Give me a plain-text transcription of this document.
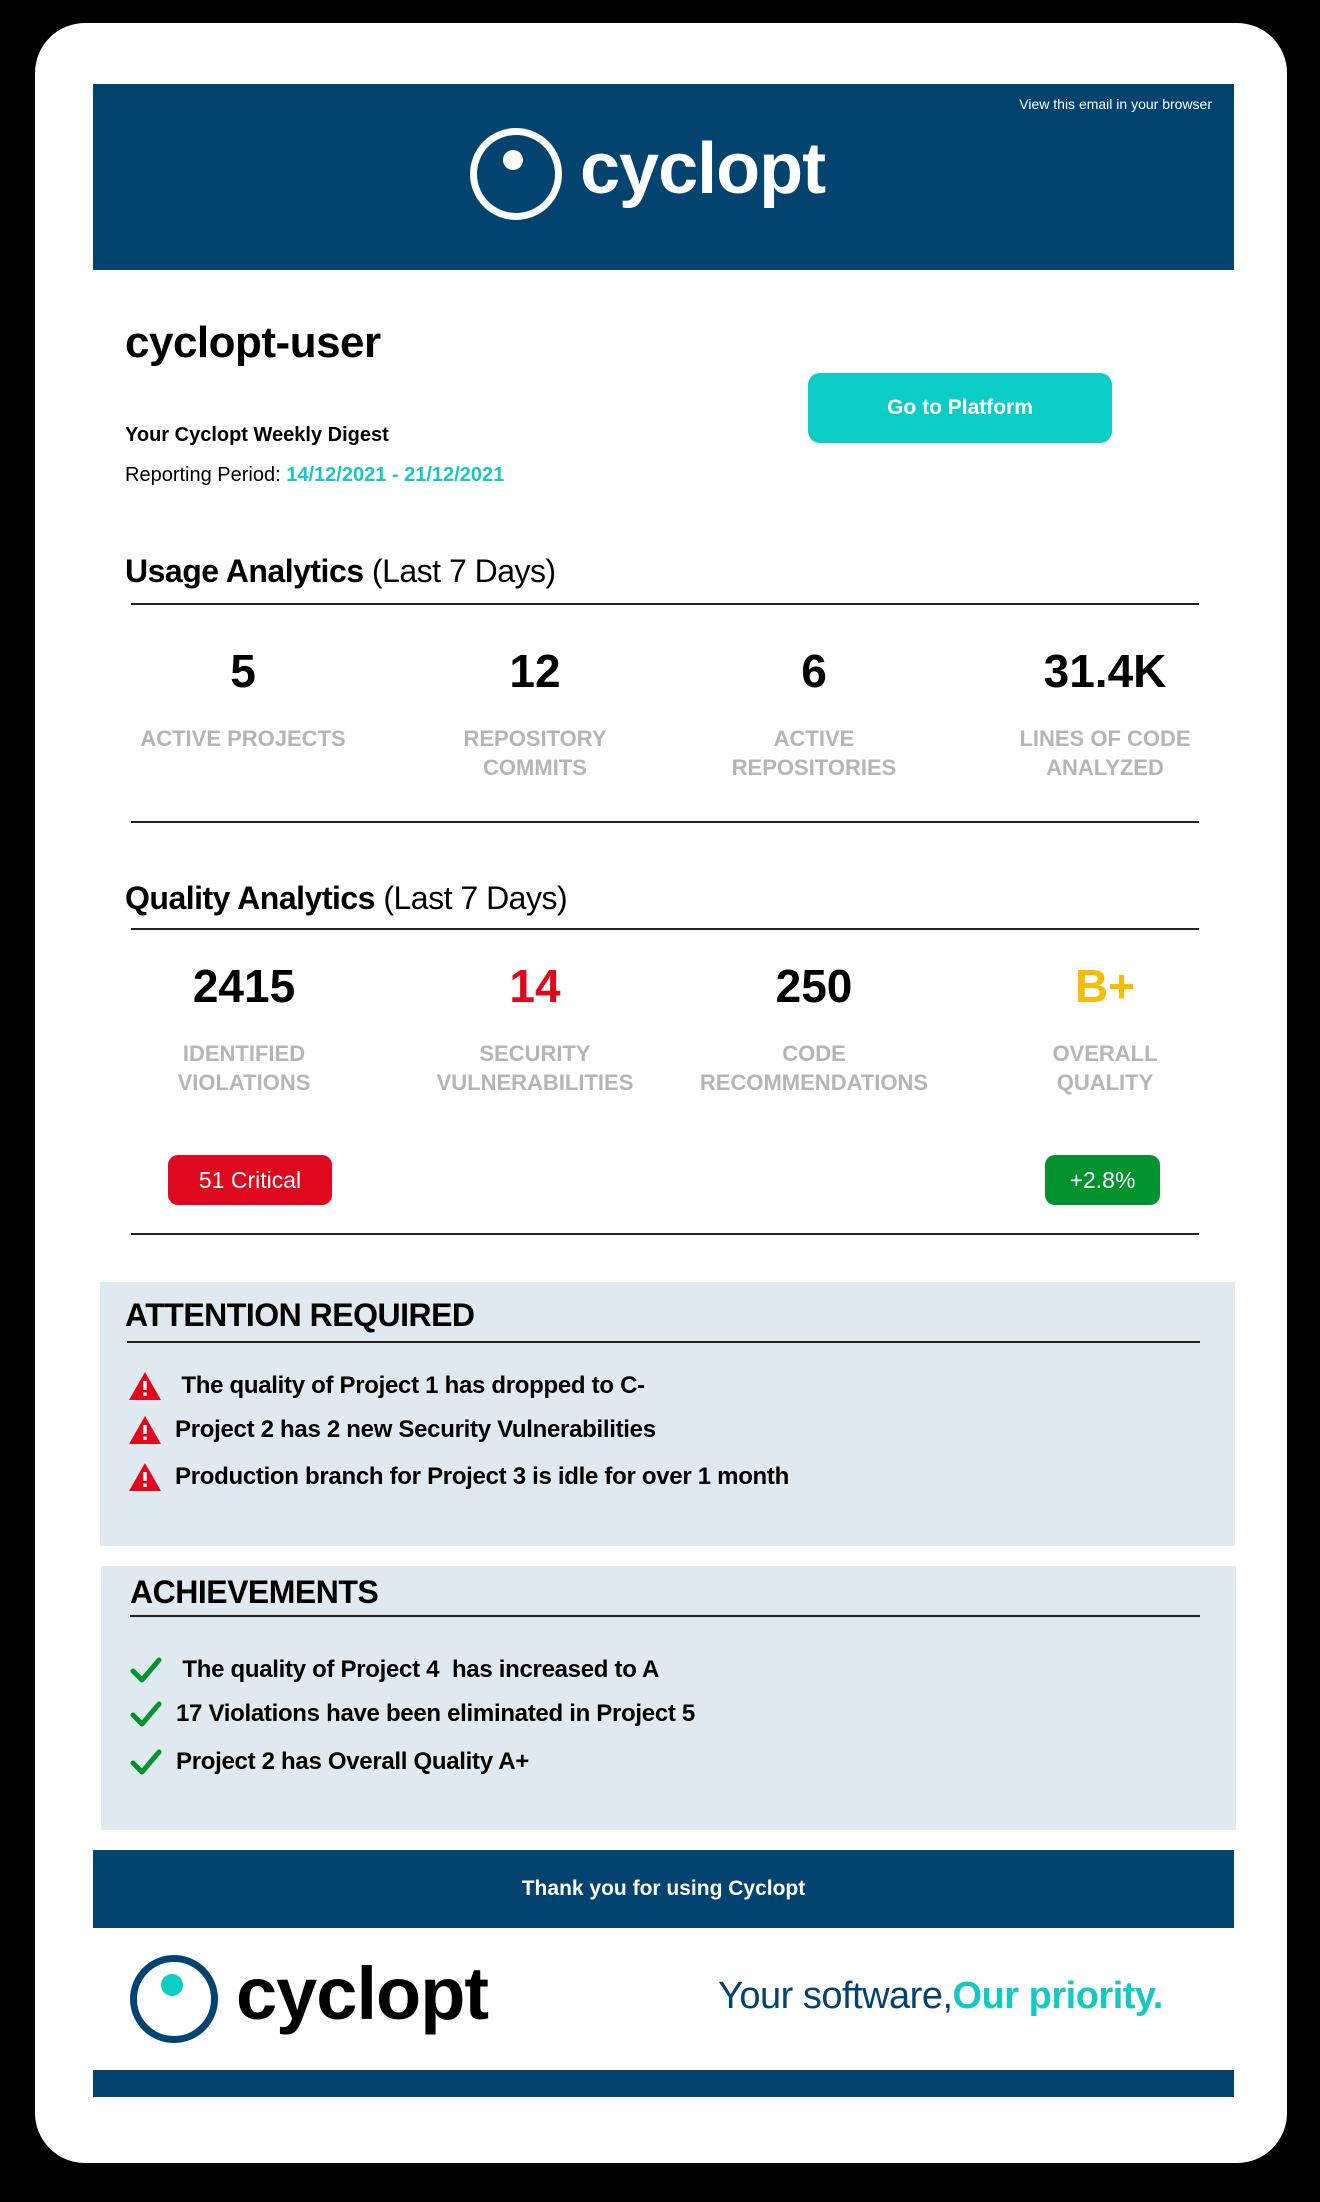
View this email in your browser
cyclopt
cyclopt-user
Your Cyclopt Weekly Digest
Reporting Period: 14/12/2021 - 21/12/2021
Go to Platform
Usage Analytics (Last 7 Days)
5
ACTIVE PROJECTS
12
REPOSITORY COMMITS
6
ACTIVE REPOSITORIES
31.4K
LINES OF CODE ANALYZED
Quality Analytics (Last 7 Days)
2415
IDENTIFIED VIOLATIONS
14
SECURITY VULNERABILITIES
250
CODE RECOMMENDATIONS
B+
OVERALL QUALITY
51 Critical	+2.8%
ATTENTION REQUIRED
The quality of Project 1 has dropped to C-
Project 2 has 2 new Security Vulnerabilities
Production branch for Project 3 is idle for over 1 month
ACHIEVEMENTS
The quality of Project 4  has increased to A
17 Violations have been eliminated in Project 5
Project 2 has Overall Quality A+
Thank you for using Cyclopt
cyclopt	Your software,Our priority.
